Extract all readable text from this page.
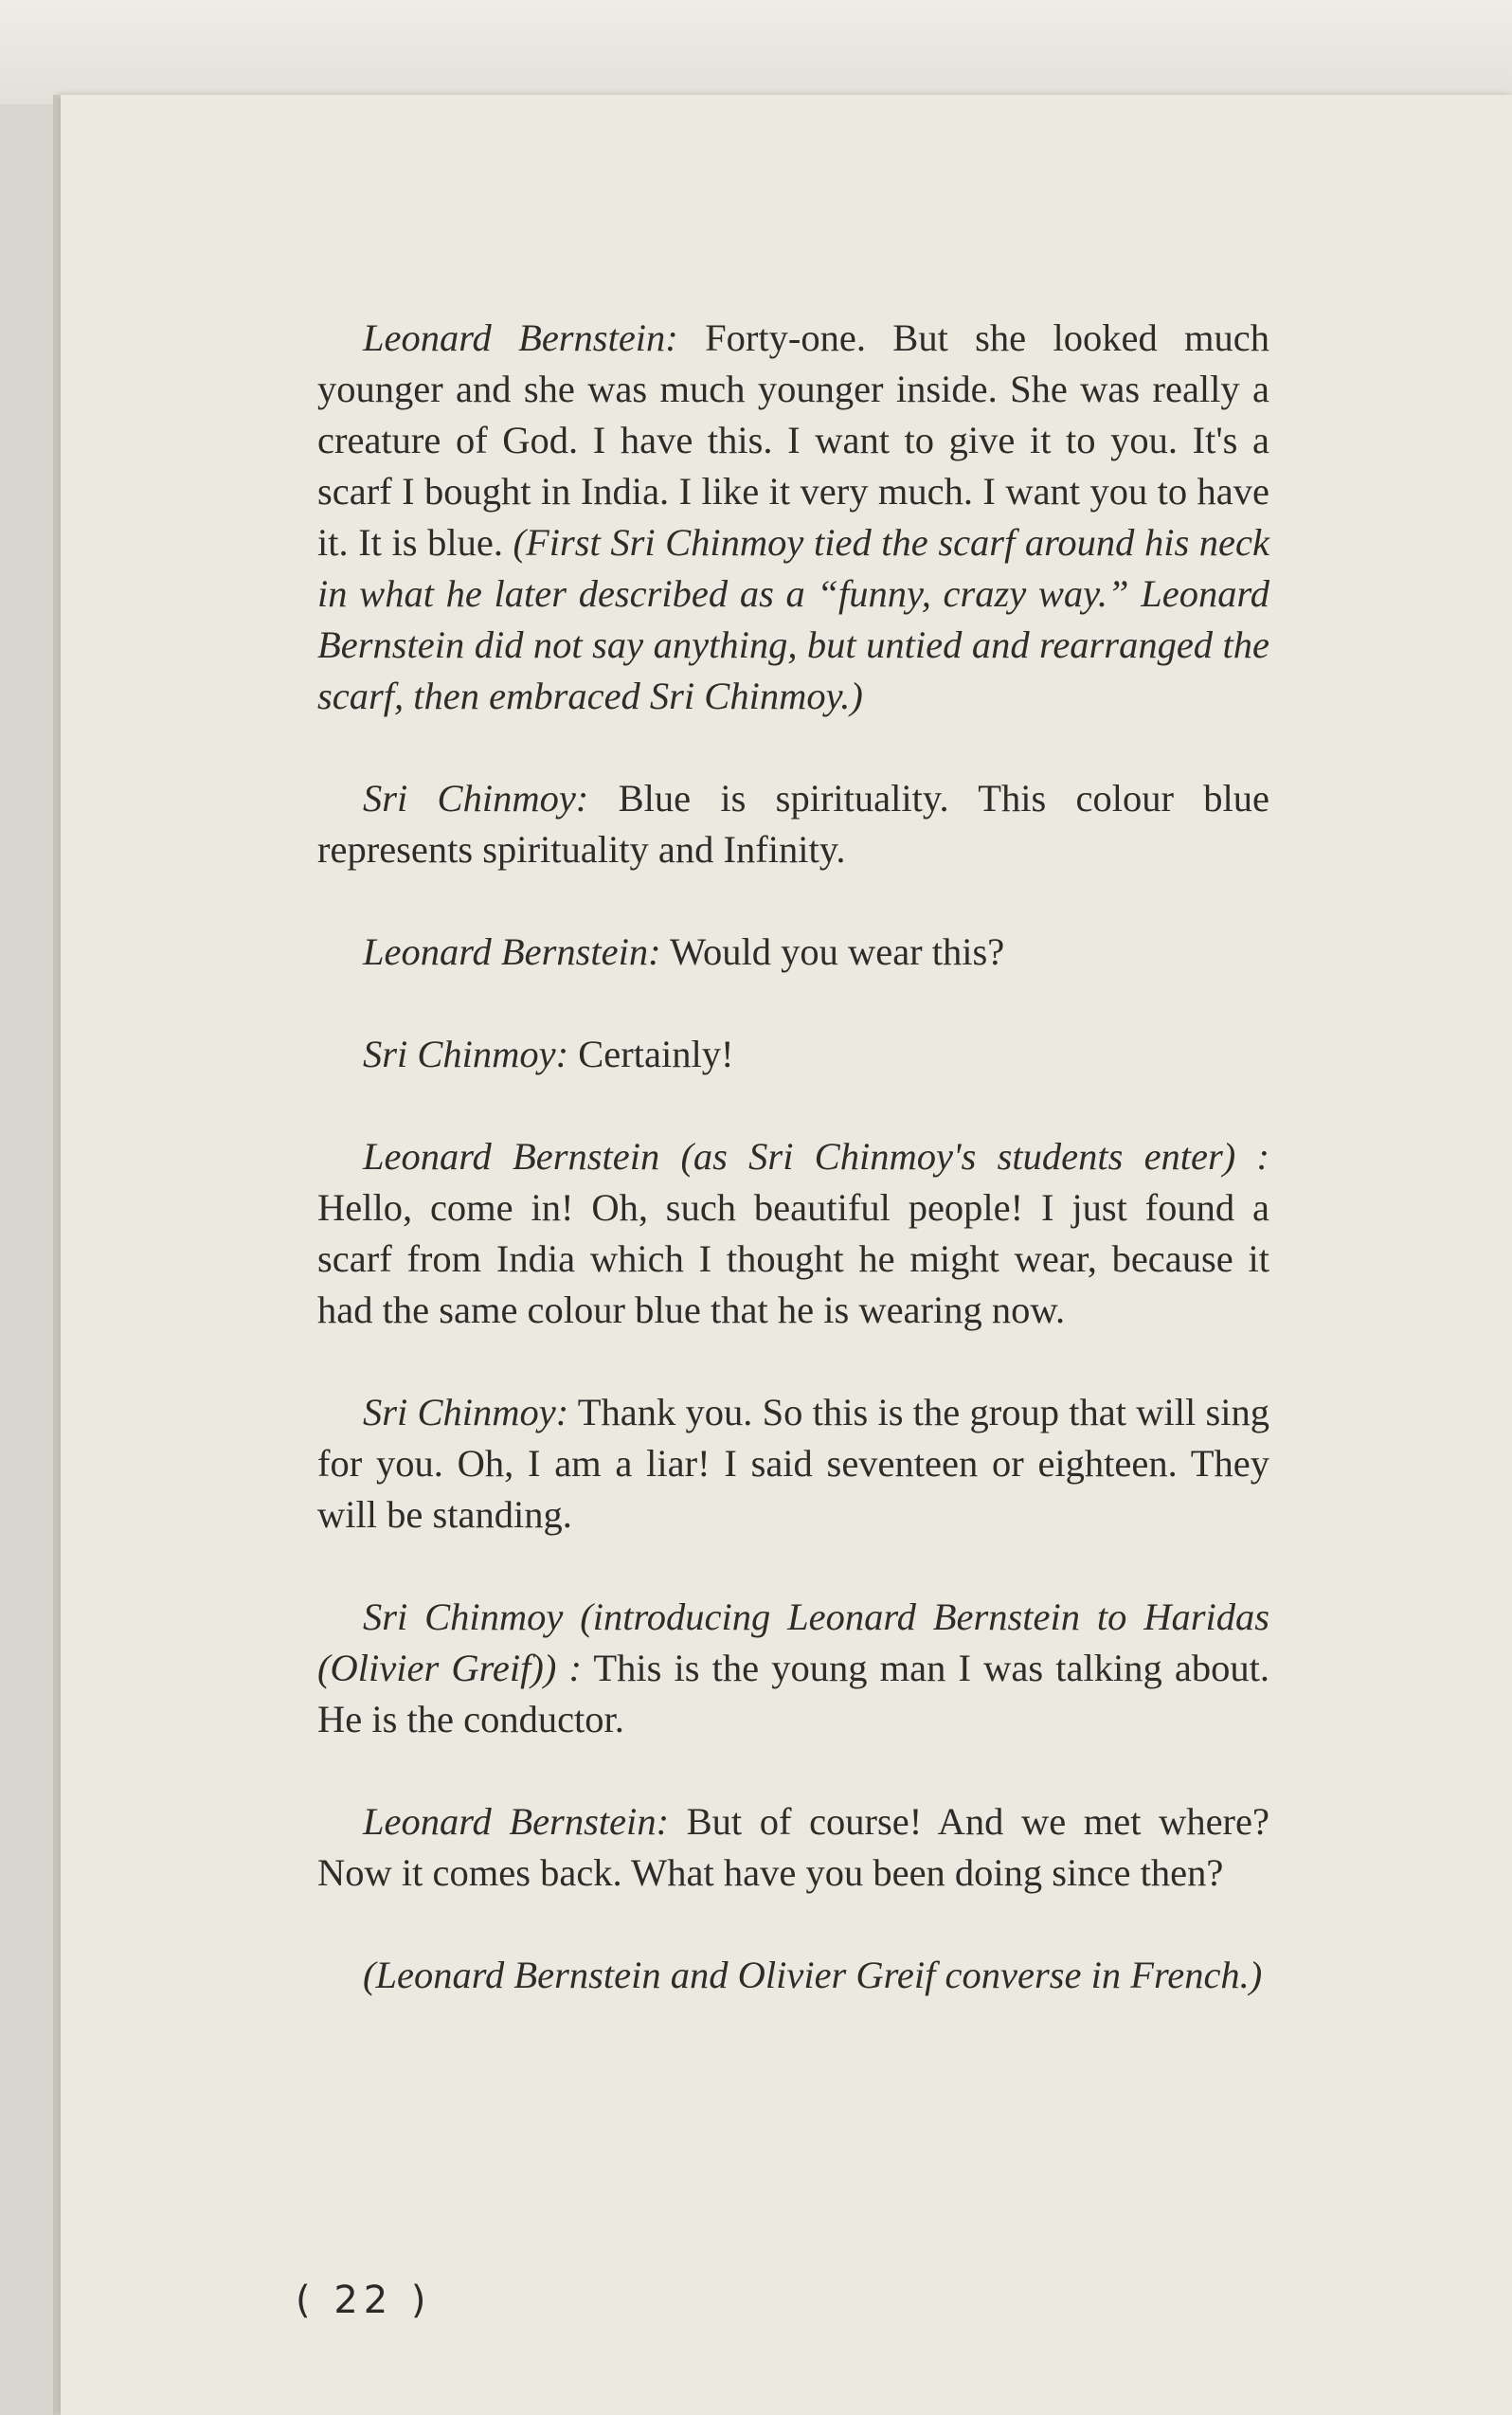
Leonard Bernstein: Forty-one. But she looked much younger and she was much younger inside. She was really a creature of God. I have this. I want to give it to you. It's a scarf I bought in India. I like it very much. I want you to have it. It is blue. (First Sri Chinmoy tied the scarf around his neck in what he later described as a “funny, crazy way.” Leonard Bernstein did not say anything, but untied and rearranged the scarf, then embraced Sri Chinmoy.)

Sri Chinmoy: Blue is spirituality. This colour blue represents spirituality and Infinity.

Leonard Bernstein: Would you wear this?

Sri Chinmoy: Certainly!

Leonard Bernstein (as Sri Chinmoy's students enter) : Hello, come in! Oh, such beautiful people! I just found a scarf from India which I thought he might wear, because it had the same colour blue that he is wearing now.

Sri Chinmoy: Thank you. So this is the group that will sing for you. Oh, I am a liar! I said seventeen or eighteen. They will be standing.

Sri Chinmoy (introducing Leonard Bernstein to Haridas (Olivier Greif)) : This is the young man I was talking about. He is the conductor.

Leonard Bernstein: But of course! And we met where? Now it comes back. What have you been doing since then?

(Leonard Bernstein and Olivier Greif converse in French.)

( 22 )
